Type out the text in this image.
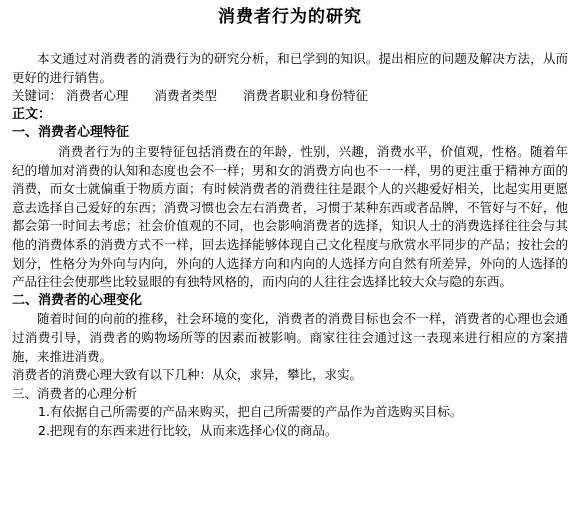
消费者行为的研究

本文通过对消费者的消费行为的研究分析，和已学到的知识。提出相应的问题及解决方法，从而更好的进行销售。

关键词： 消费者心理 消费者类型 消费者职业和身份特征

正文：
一、消费者心理特征

消费者行为的主要特征包括消费在的年龄，性别，兴趣，消费水平，价值观，性格。随着年纪的增加对消费的认知和态度也会不一样；男和女的消费方向也不一一样，男的更注重于精神方面的消费，而女士就偏重于物质方面；有时候消费者的消费往往是跟个人的兴趣爱好相关，比起实用更愿意去选择自己爱好的东西；消费习惯也会左右消费者，习惯于某种东西或者品牌，不管好与不好，他都会第一时间去考虑；社会价值观的不同，也会影响消费者的选择，知识人士的消费选择往往会与其他的消费体系的消费方式不一样，回去选择能够体现自己文化程度与欣赏水平同步的产品；按社会的划分，性格分为外向与内向，外向的人选择方向和内向的人选择方向自然有所差异，外向的人选择的产品往往会使那些比较显眼的有独特风格的，而内向的人往往会选择比较大众与隐的东西。

二、消费者的心理变化

随着时间的向前的推移，社会环境的变化，消费者的消费目标也会不一样，消费者的心理也会通过消费引导，消费者的购物场所等的因素而被影响。商家往往会通过这一表现来进行相应的方案措施，来推进消费。

消费者的消费心理大致有以下几种：从众，求异，攀比，求实。

三、消费者的心理分析

1.有依据自己所需要的产品来购买，把自己所需要的产品作为首选购买目标。

2.把现有的东西来进行比较，从而来选择心仪的商品。
